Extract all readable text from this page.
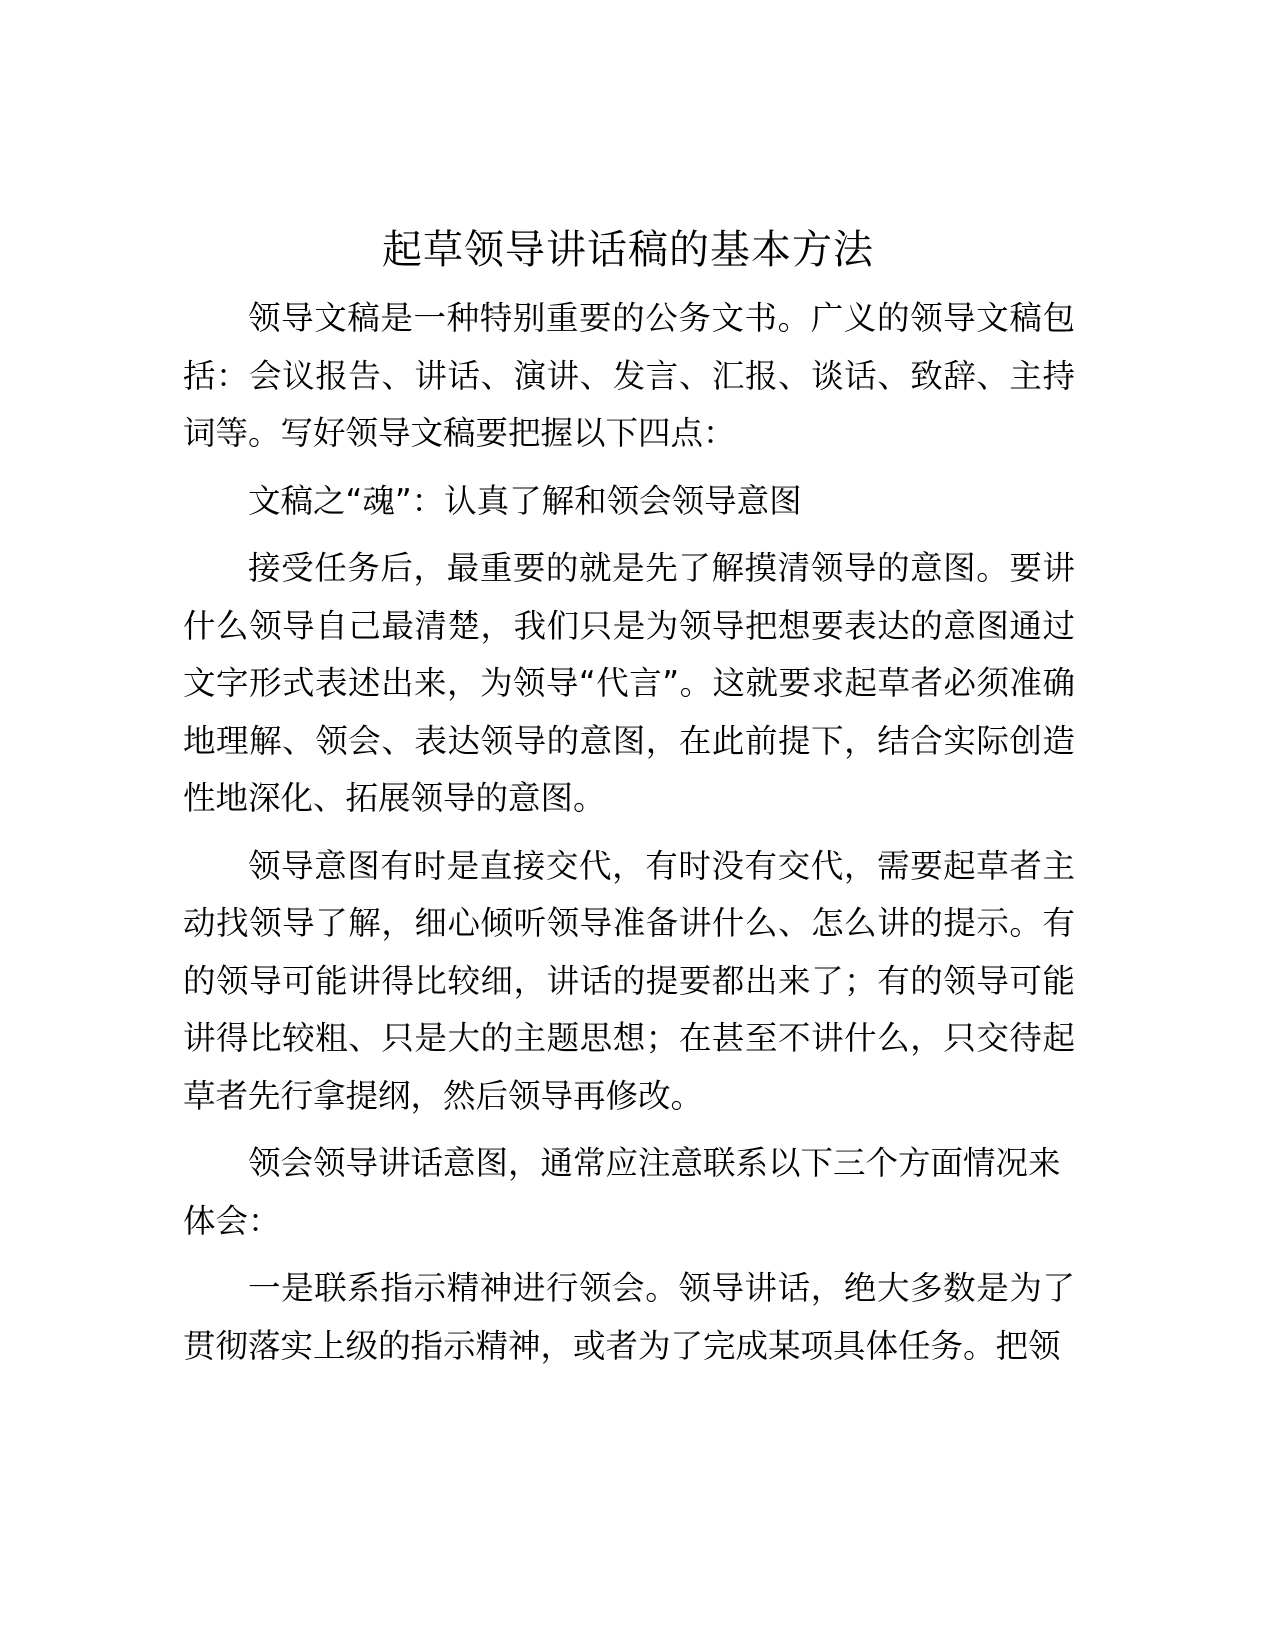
起草领导讲话稿的基本方法

领导文稿是一种特别重要的公务文书。广义的领导文稿包括：会议报告、讲话、演讲、发言、汇报、谈话、致辞、主持词等。写好领导文稿要把握以下四点：

文稿之“魂”：认真了解和领会领导意图

接受任务后，最重要的就是先了解摸清领导的意图。要讲什么领导自己最清楚，我们只是为领导把想要表达的意图通过文字形式表述出来，为领导“代言”。这就要求起草者必须准确地理解、领会、表达领导的意图，在此前提下，结合实际创造性地深化、拓展领导的意图。

领导意图有时是直接交代，有时没有交代，需要起草者主动找领导了解，细心倾听领导准备讲什么、怎么讲的提示。有的领导可能讲得比较细，讲话的提要都出来了；有的领导可能讲得比较粗、只是大的主题思想；在甚至不讲什么，只交待起草者先行拿提纲，然后领导再修改。

领会领导讲话意图，通常应注意联系以下三个方面情况来体会：

一是联系指示精神进行领会。领导讲话，绝大多数是为了贯彻落实上级的指示精神，或者为了完成某项具体任务。把领
